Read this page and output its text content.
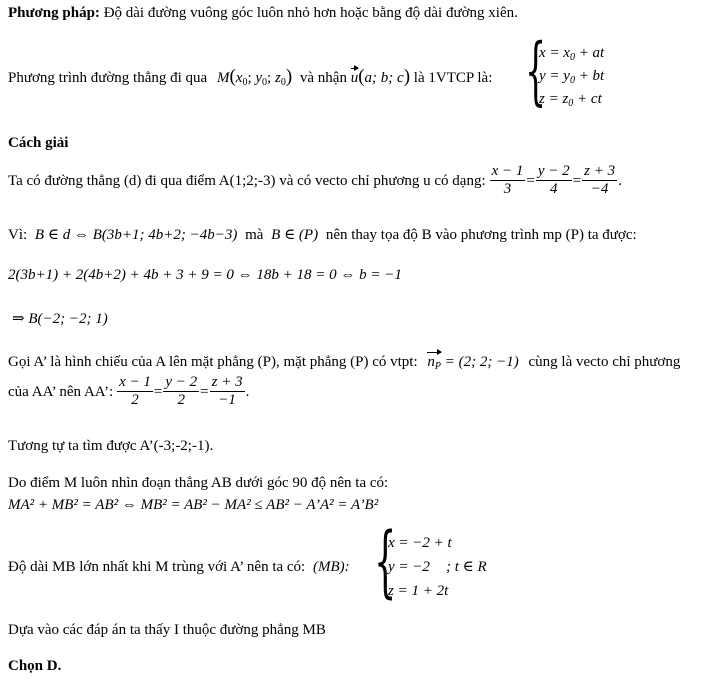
Phương pháp: Độ dài đường vuông góc luôn nhỏ hơn hoặc bằng độ dài đường xiên.
Phương trình đường thẳng đi qua $M(x_0$; $y_0$; $z_0$) và nhận u(a; b; c) là 1VTCP là: {
$x = x_0$ + at
$y = y_0$ + bt
$z = z_0$ + ct
Cách giải
Ta có đường thẳng (d) đi qua điểm A(1;2;-3) và có vecto chỉ phương u có dạng: $\frac{x - 1}{3} = \frac{y - 2}{4} = \frac{z + 3}{-4}$ .
Vì: B ∈ d ⇔ B(3b+1; 4b+2; −4b−3) mà B ∈ (P) nên thay tọa độ B vào phương trình mp (P) ta được:
2(3b+1) + 2(4b+2) + 4b + 3 + 9 = 0 ⇔ 18b + 18 = 0 ⇔ b = −1
⇒ B(−2; −2; 1)
Gọi A’ là hình chiếu của A lên mặt phẳng (P), mặt phẳng (P) có vtpt: $n_P = (2$; 2; −1) cùng là vecto chỉ phương
của AA’ nên AA’: $\frac{x - 1}{2} = \frac{y - 2}{2} = \frac{z + 3}{-1}$ .
Tương tự ta tìm được A’(-3;-2;-1).
Do điểm M luôn nhìn đoạn thẳng AB dưới góc 90 độ nên ta có:
MA² + MB² = AB² ⇔ MB² = AB² − MA² ≤ AB² − A’A² = A’B²
Độ dài MB lớn nhất khi M trùng với A’ nên ta có: (MB): {
x = −2 + t
y = −2
z = 1 + 2t
; t ∈ R
Dựa vào các đáp án ta thấy I thuộc đường phẳng MB
Chọn D.
